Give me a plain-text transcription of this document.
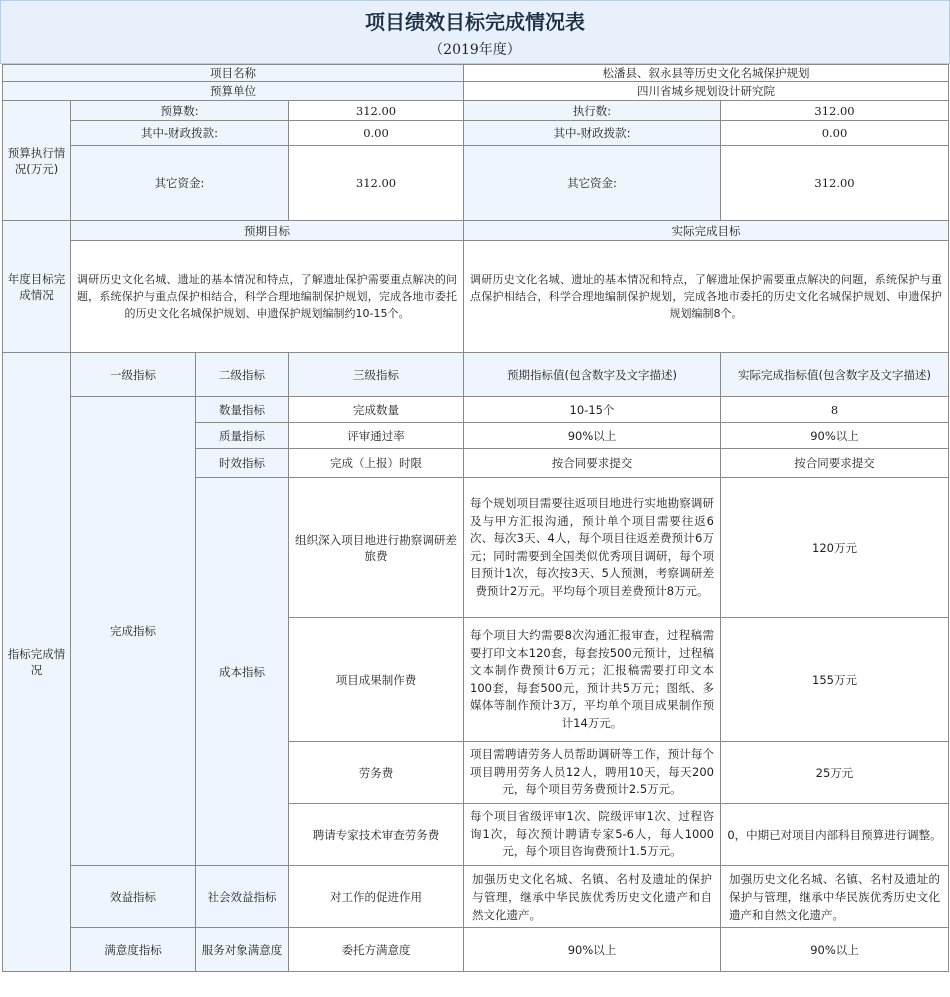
项目绩效目标完成情况表
（2019年度）
项目名称				松潘县、叙永县等历史文化名城保护规划	
预算单位				四川省城乡规划设计研究院	
预算执行情况(万元)	预算数:		312.00	执行数:	312.00
	其中-财政拨款:		0.00	其中-财政拨款:	0.00
	其它资金:		312.00	其它资金:	312.00
年度目标完成情况	预期目标			实际完成目标	
	调研历史文化名城、遗址的基本情况和特点，了解遗址保护需要重点解决的问题，系统保护与重点保护相结合，科学合理地编制保护规划，完成各地市委托的历史文化名城保护规划、申遗保护规划编制约10-15个。			调研历史文化名城、遗址的基本情况和特点，了解遗址保护需要重点解决的问题，系统保护与重点保护相结合，科学合理地编制保护规划，完成各地市委托的历史文化名城保护规划、申遗保护规划编制8个。	
指标完成情况	一级指标	二级指标	三级指标	预期指标值(包含数字及文字描述)	实际完成指标值(包含数字及文字描述)
	完成指标	数量指标	完成数量	10-15个	8
		质量指标	评审通过率	90%以上	90%以上
		时效指标	完成（上报）时限	按合同要求提交	按合同要求提交
		成本指标	组织深入项目地进行勘察调研差旅费	每个规划项目需要往返项目地进行实地勘察调研及与甲方汇报沟通，预计单个项目需要往返6次、每次3天、4人，每个项目往返差费预计6万元；同时需要到全国类似优秀项目调研，每个项目预计1次，每次按3天、5人预测，考察调研差费预计2万元。平均每个项目差费预计8万元。	120万元
			项目成果制作费	每个项目大约需要8次沟通汇报审查，过程稿需要打印文本120套，每套按500元预计，过程稿文本制作费预计6万元；汇报稿需要打印文本100套，每套500元，预计共5万元；图纸、多媒体等制作预计3万，平均单个项目成果制作预计14万元。	155万元
			劳务费	项目需聘请劳务人员帮助调研等工作，预计每个项目聘用劳务人员12人，聘用10天，每天200元，每个项目劳务费预计2.5万元。	25万元
			聘请专家技术审查劳务费	每个项目省级评审1次、院级评审1次、过程咨询1次，每次预计聘请专家5-6人，每人1000元，每个项目咨询费预计1.5万元。	0，中期已对项目内部科目预算进行调整。
	效益指标	社会效益指标	对工作的促进作用	加强历史文化名城、名镇、名村及遗址的保护与管理，继承中华民族优秀历史文化遗产和自然文化遗产。	加强历史文化名城、名镇、名村及遗址的保护与管理，继承中华民族优秀历史文化遗产和自然文化遗产。
	满意度指标	服务对象满意度	委托方满意度	90%以上	90%以上
